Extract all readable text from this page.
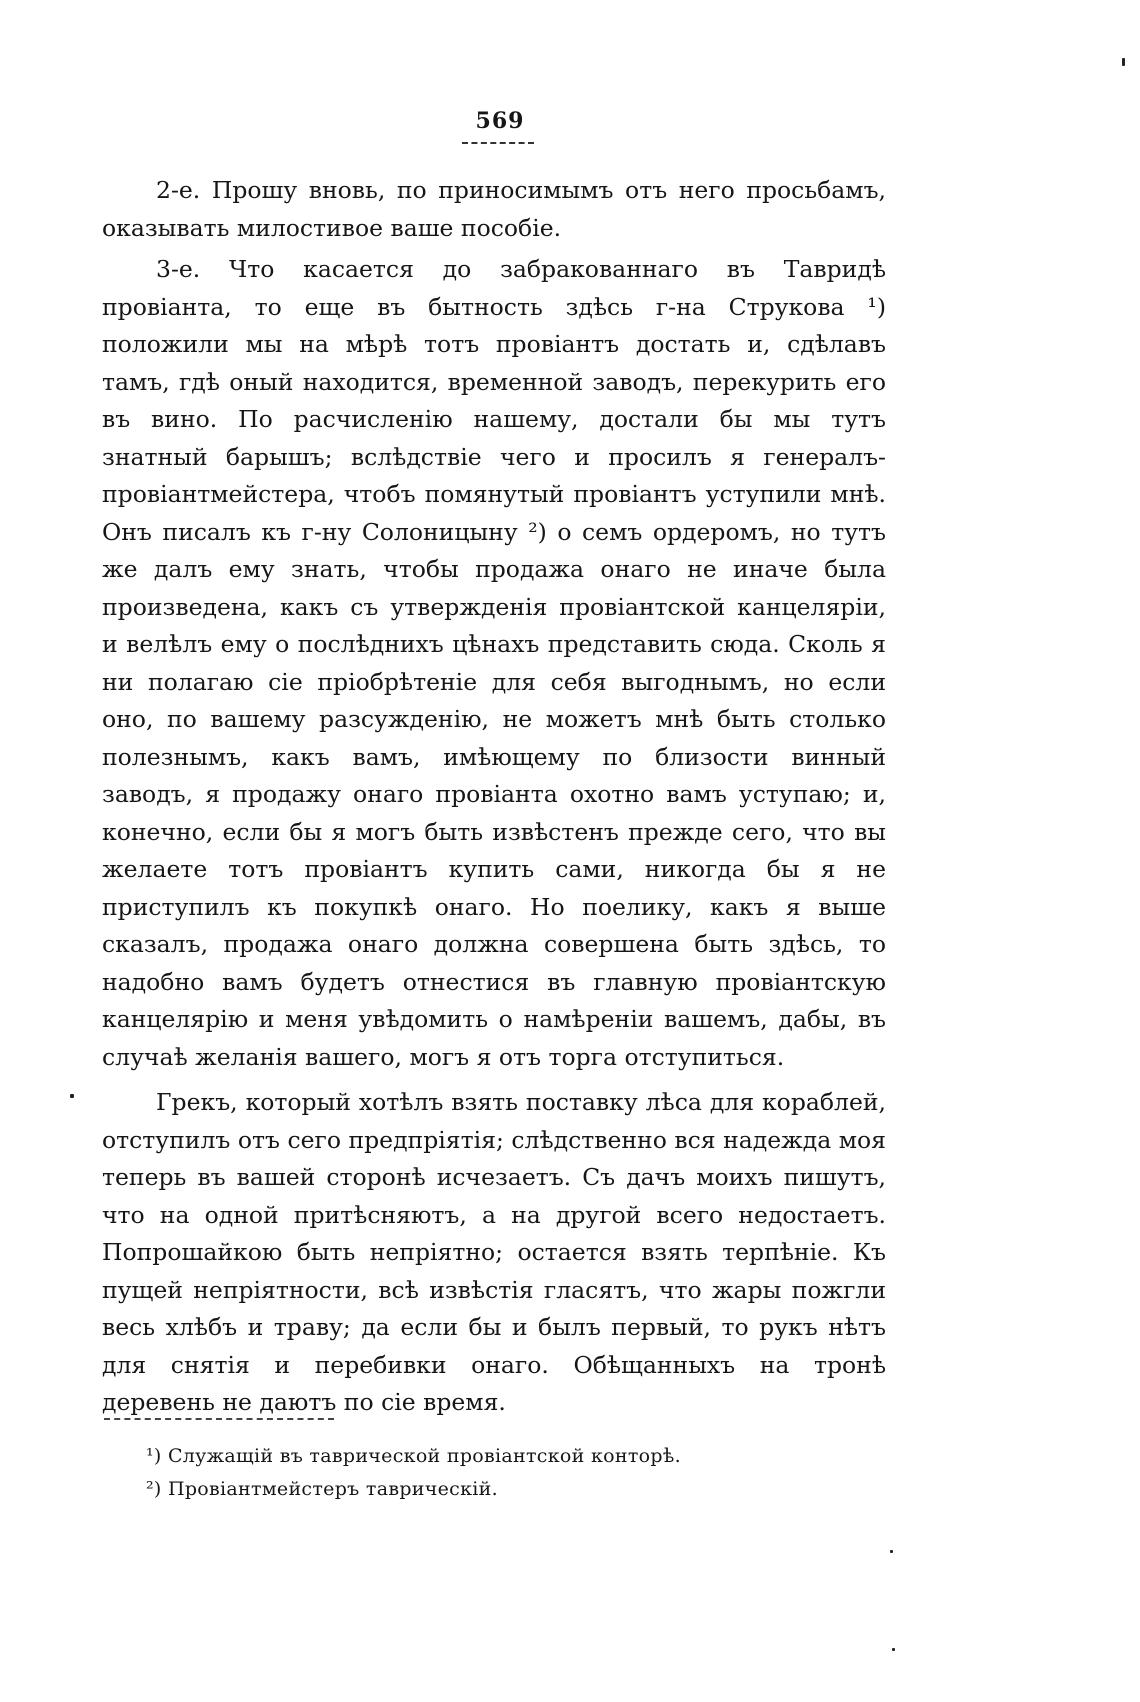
569

2-е. Прошу вновь, по приносимымъ отъ него просьбамъ, оказывать милостивое ваше пособіе.

3-е. Что касается до забракованнаго въ Тавридѣ провіанта, то еще въ бытность здѣсь г-на Струкова ¹) положили мы на мѣрѣ тотъ провіантъ достать и, сдѣлавъ тамъ, гдѣ оный находится, временной заводъ, перекурить его въ вино. По расчисленію нашему, достали бы мы тутъ знатный барышъ; вслѣдствіе чего и просилъ я генералъ-провіантмейстера, чтобъ помянутый провіантъ уступили мнѣ. Онъ писалъ къ г-ну Солоницыну ²) о семъ ордеромъ, но тутъ же далъ ему знать, чтобы продажа онаго не иначе была произведена, какъ съ утвержденія провіантской канцеляріи, и велѣлъ ему о послѣднихъ цѣнахъ представить сюда. Сколь я ни полагаю сіе пріобрѣтеніе для себя выгоднымъ, но если оно, по вашему разсужденію, не можетъ мнѣ быть столько полезнымъ, какъ вамъ, имѣющему по близости винный заводъ, я продажу онаго провіанта охотно вамъ уступаю; и, конечно, если бы я могъ быть извѣстенъ прежде сего, что вы желаете тотъ провіантъ купить сами, никогда бы я не приступилъ къ покупкѣ онаго. Но поелику, какъ я выше сказалъ, продажа онаго должна совершена быть здѣсь, то надобно вамъ будетъ отнестися въ главную провіантскую канцелярію и меня увѣдомить о намѣреніи вашемъ, дабы, въ случаѣ желанія вашего, могъ я отъ торга отступиться.

Грекъ, который хотѣлъ взять поставку лѣса для кораблей, отступилъ отъ сего предпріятія; слѣдственно вся надежда моя теперь въ вашей сторонѣ исчезаетъ. Съ дачъ моихъ пишутъ, что на одной притѣсняютъ, а на другой всего недостаетъ. Попрошайкою быть непріятно; остается взять терпѣніе. Къ пущей непріятности, всѣ извѣстія гласятъ, что жары пожгли весь хлѣбъ и траву; да если бы и былъ первый, то рукъ нѣтъ для снятія и перебивки онаго. Обѣщанныхъ на тронѣ деревень не даютъ по сіе время.

¹) Служащій въ таврической провіантской конторѣ.

²) Провіантмейстеръ таврическій.
